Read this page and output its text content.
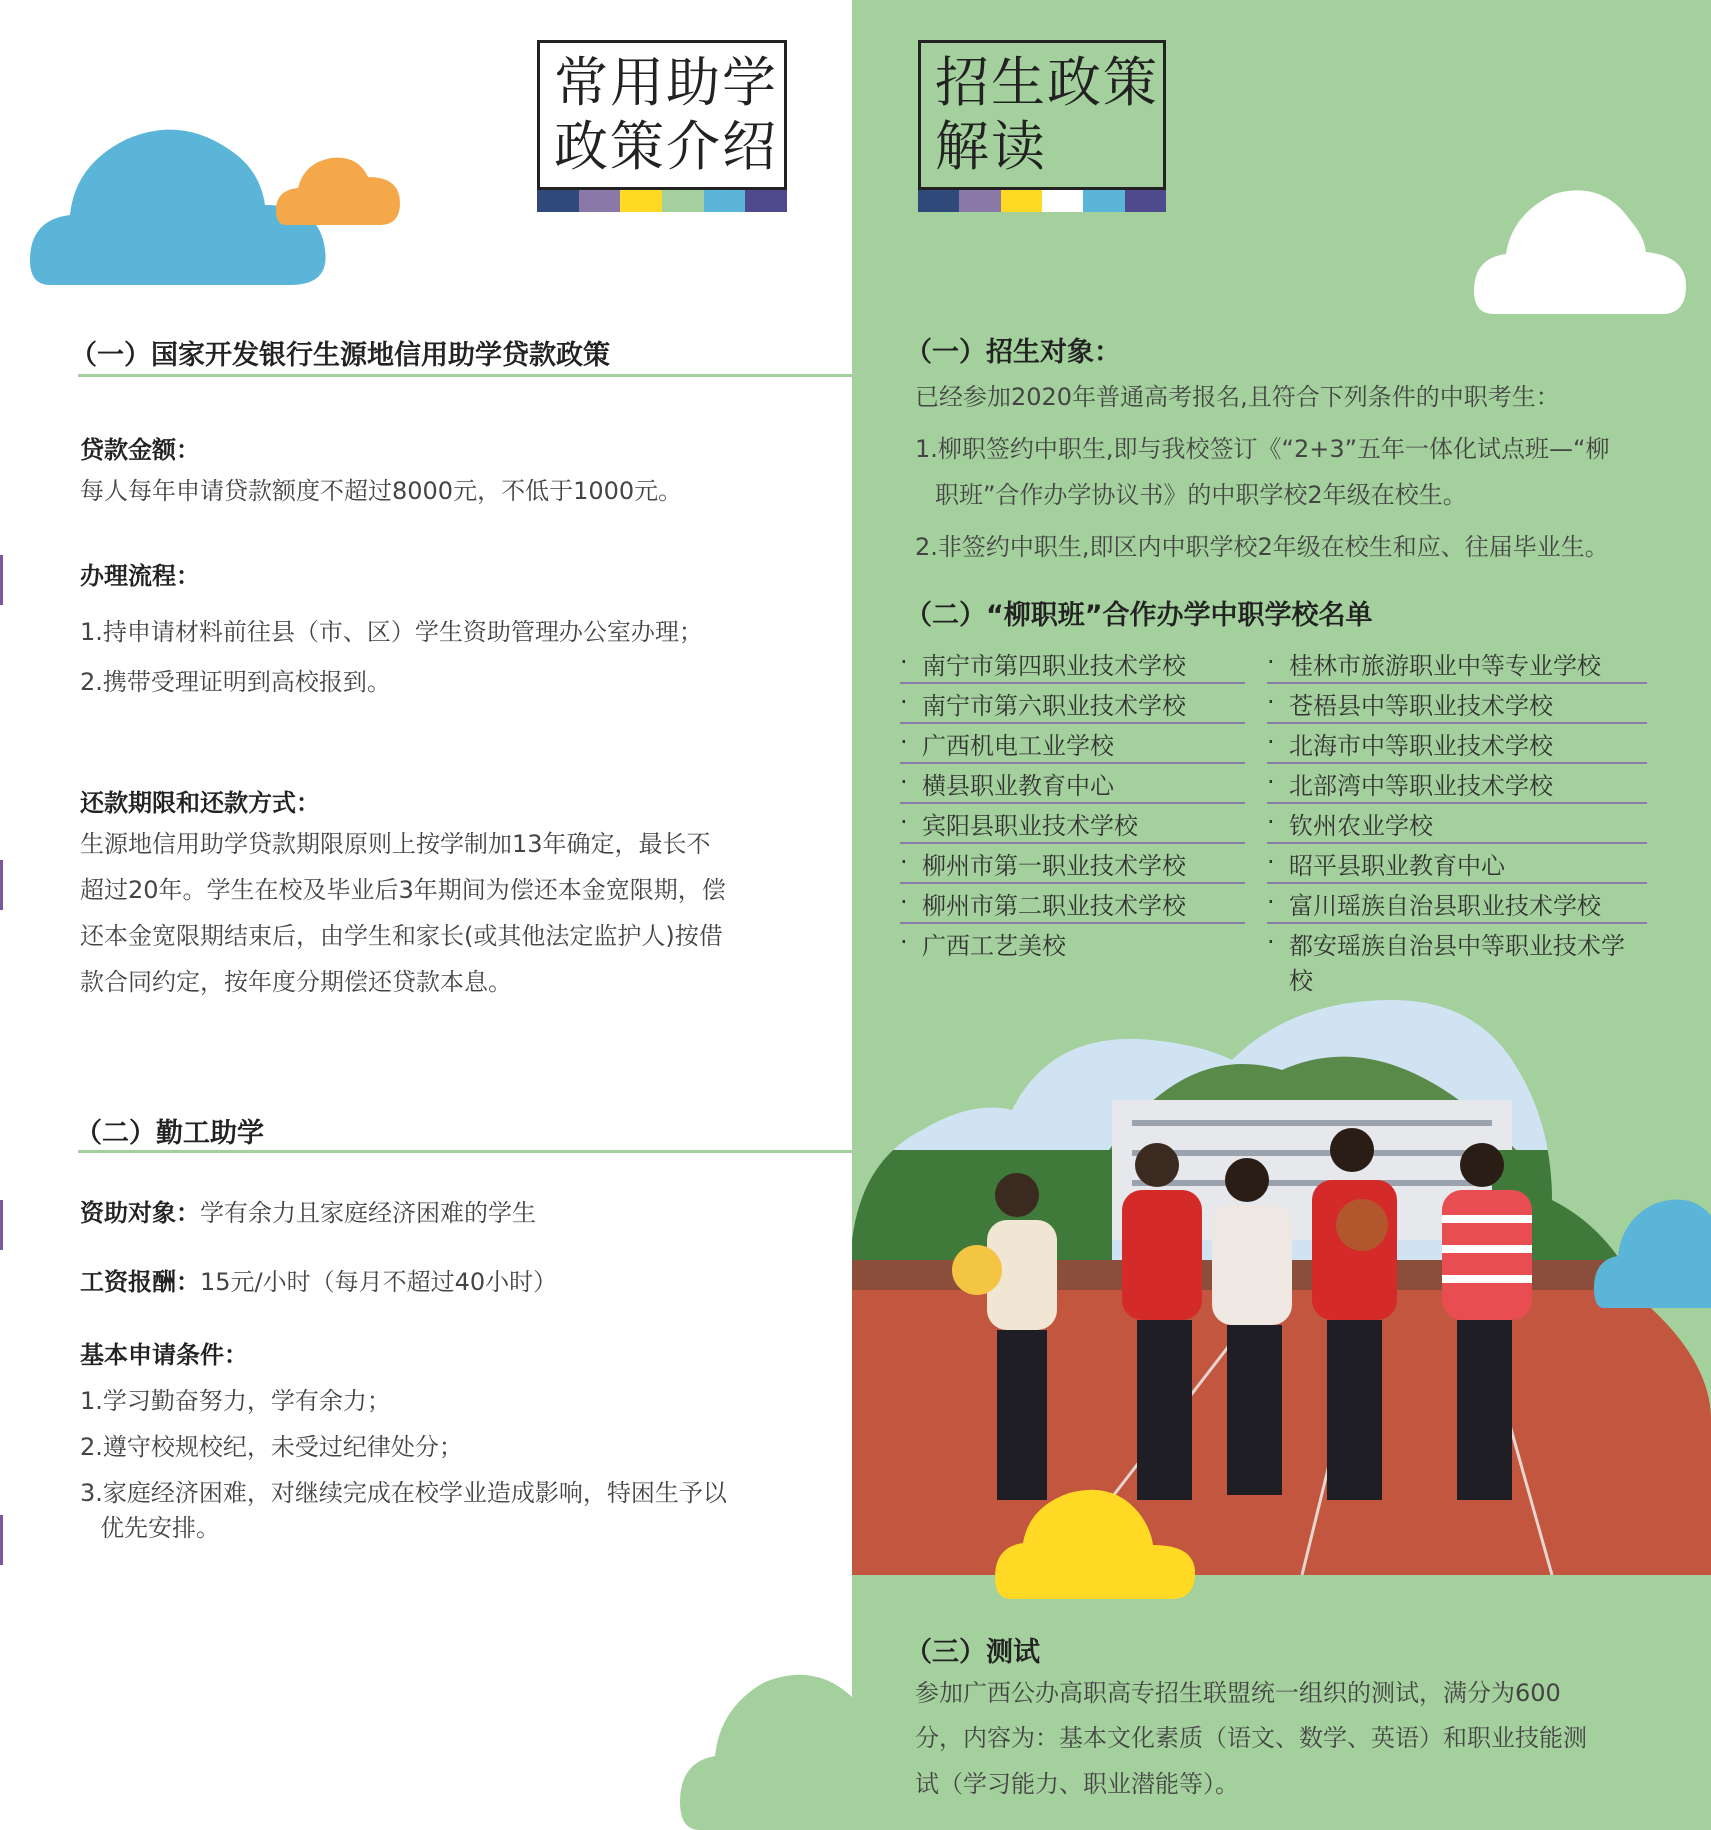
常用助学
政策介绍
（一）国家开发银行生源地信用助学贷款政策
贷款金额：
每人每年申请贷款额度不超过8000元，不低于1000元。
办理流程：
1.持申请材料前往县（市、区）学生资助管理办公室办理；
2.携带受理证明到高校报到。
还款期限和还款方式：
生源地信用助学贷款期限原则上按学制加13年确定，最长不
超过20年。学生在校及毕业后3年期间为偿还本金宽限期，偿
还本金宽限期结束后，由学生和家长(或其他法定监护人)按借
款合同约定，按年度分期偿还贷款本息。
（二）勤工助学
资助对象：学有余力且家庭经济困难的学生
工资报酬：15元/小时（每月不超过40小时）
基本申请条件：
1.学习勤奋努力，学有余力；
2.遵守校规校纪，未受过纪律处分；
3.家庭经济困难，对继续完成在校学业造成影响，特困生予以
优先安排。
招生政策
解读
（一）招生对象：
已经参加2020年普通高考报名,且符合下列条件的中职考生：
1.柳职签约中职生,即与我校签订《“2+3”五年一体化试点班—“柳
职班”合作办学协议书》的中职学校2年级在校生。
2.非签约中职生,即区内中职学校2年级在校生和应、往届毕业生。
（二）“柳职班”合作办学中职学校名单
· 南宁市第四职业技术学校	· 桂林市旅游职业中等专业学校
· 南宁市第六职业技术学校	· 苍梧县中等职业技术学校
· 广西机电工业学校	· 北海市中等职业技术学校
· 横县职业教育中心	· 北部湾中等职业技术学校
· 宾阳县职业技术学校	· 钦州农业学校
· 柳州市第一职业技术学校	· 昭平县职业教育中心
· 柳州市第二职业技术学校	· 富川瑶族自治县职业技术学校
· 广西工艺美校	· 都安瑶族自治县中等职业技术学校
（三）测试
参加广西公办高职高专招生联盟统一组织的测试，满分为600
分，内容为：基本文化素质（语文、数学、英语）和职业技能测
试（学习能力、职业潜能等）。
